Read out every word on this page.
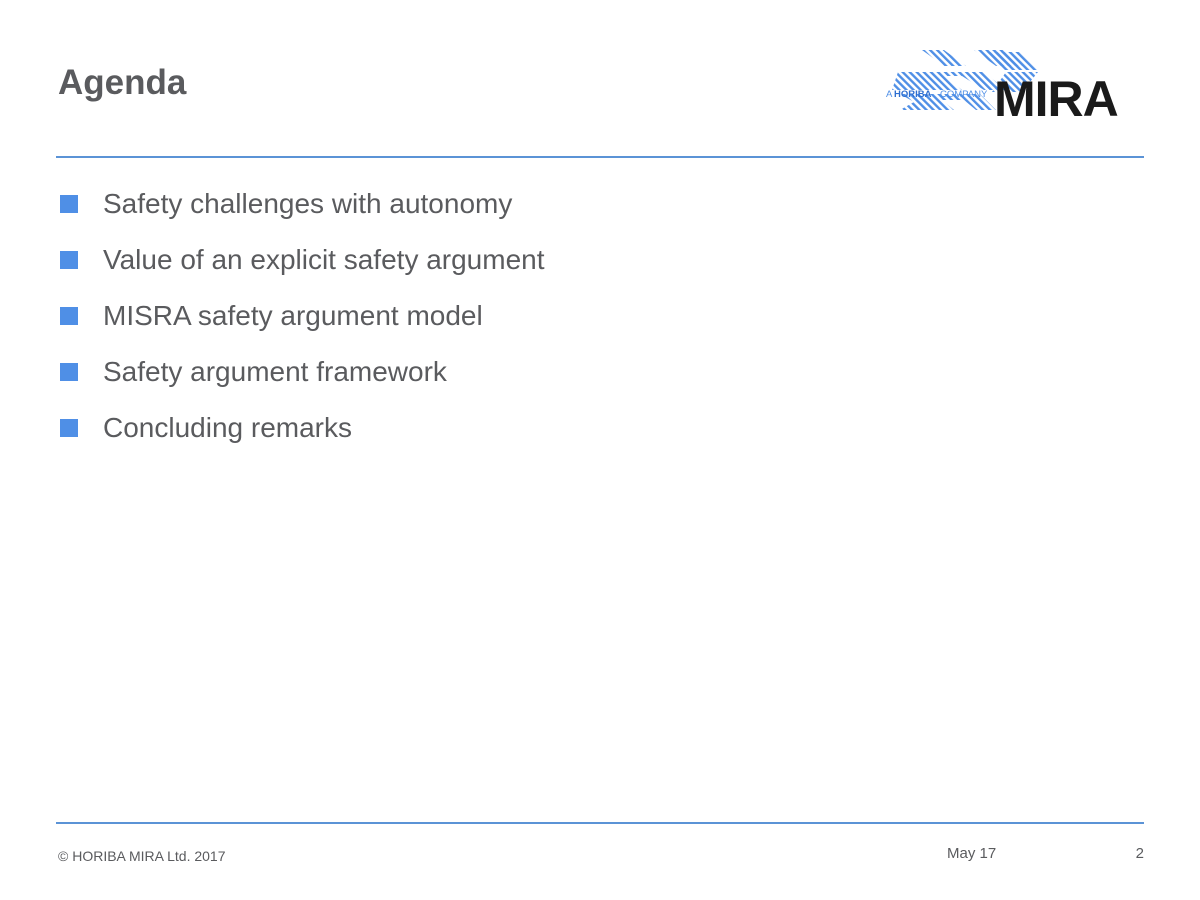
Agenda	A HORIBA COMPANY MIRA
Safety challenges with autonomy
Value of an explicit safety argument
MISRA safety argument model
Safety argument framework
Concluding remarks
© HORIBA MIRA Ltd. 2017	May 17	2
